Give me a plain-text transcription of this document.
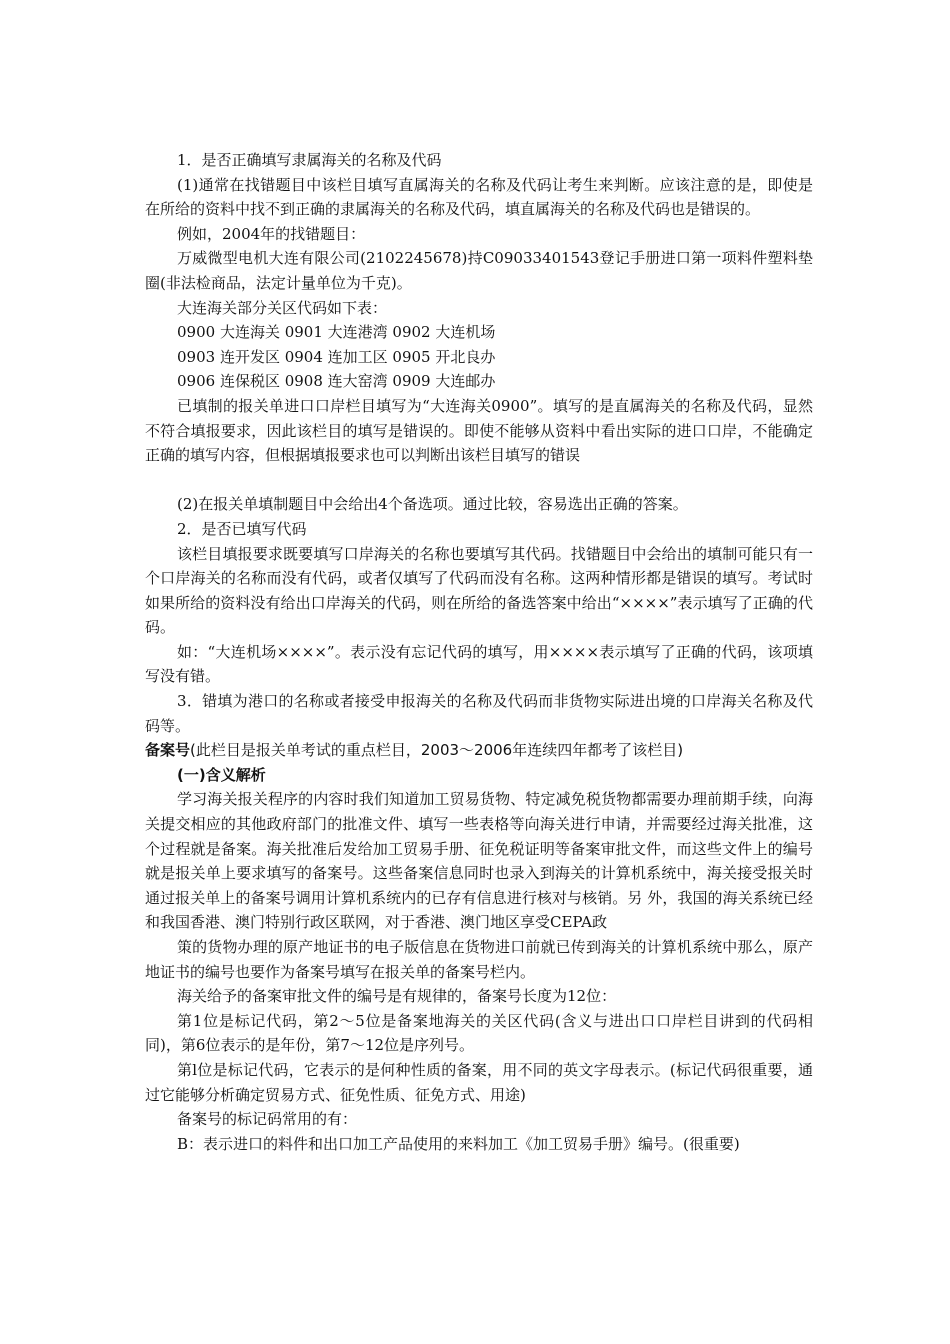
1．是否正确填写隶属海关的名称及代码

(1)通常在找错题目中该栏目填写直属海关的名称及代码让考生来判断。应该注意的是，即使是在所给的资料中找不到正确的隶属海关的名称及代码，填直属海关的名称及代码也是错误的。

例如，2004年的找错题目：

万威微型电机大连有限公司(2102245678)持C09033401543登记手册进口第一项料件塑料垫圈(非法检商品，法定计量单位为千克)。

大连海关部分关区代码如下表：

0900 大连海关 0901 大连港湾 0902 大连机场

0903 连开发区 0904 连加工区 0905 开北良办

0906 连保税区 0908 连大窑湾 0909 大连邮办

已填制的报关单进口口岸栏目填写为“大连海关0900”。填写的是直属海关的名称及代码，显然不符合填报要求，因此该栏目的填写是错误的。即使不能够从资料中看出实际的进口口岸，不能确定正确的填写内容，但根据填报要求也可以判断出该栏目填写的错误

(2)在报关单填制题目中会给出4个备选项。通过比较，容易选出正确的答案。

2．是否已填写代码

该栏目填报要求既要填写口岸海关的名称也要填写其代码。找错题目中会给出的填制可能只有一个口岸海关的名称而没有代码，或者仅填写了代码而没有名称。这两种情形都是错误的填写。考试时如果所给的资料没有给出口岸海关的代码，则在所给的备选答案中给出“××××”表示填写了正确的代码。

如：“大连机场××××”。表示没有忘记代码的填写，用××××表示填写了正确的代码，该项填写没有错。

3．错填为港口的名称或者接受申报海关的名称及代码而非货物实际进出境的口岸海关名称及代码等。

备案号(此栏目是报关单考试的重点栏目，2003～2006年连续四年都考了该栏目)

(一)含义解析

学习海关报关程序的内容时我们知道加工贸易货物、特定减免税货物都需要办理前期手续，向海关提交相应的其他政府部门的批准文件、填写一些表格等向海关进行申请，并需要经过海关批准，这个过程就是备案。海关批准后发给加工贸易手册、征免税证明等备案审批文件，而这些文件上的编号就是报关单上要求填写的备案号。这些备案信息同时也录入到海关的计算机系统中，海关接受报关时通过报关单上的备案号调用计算机系统内的已存有信息进行核对与核销。另 外，我国的海关系统已经和我国香港、澳门特别行政区联网，对于香港、澳门地区享受CEPA政

策的货物办理的原产地证书的电子版信息在货物进口前就已传到海关的计算机系统中那么，原产地证书的编号也要作为备案号填写在报关单的备案号栏内。

海关给予的备案审批文件的编号是有规律的，备案号长度为12位：

第1位是标记代码，第2～5位是备案地海关的关区代码(含义与进出口口岸栏目讲到的代码相同)，第6位表示的是年份，第7～12位是序列号。

第l位是标记代码，它表示的是何种性质的备案，用不同的英文字母表示。(标记代码很重要，通过它能够分析确定贸易方式、征免性质、征免方式、用途)

备案号的标记码常用的有：

B：表示进口的料件和出口加工产品使用的来料加工《加工贸易手册》编号。(很重要)
